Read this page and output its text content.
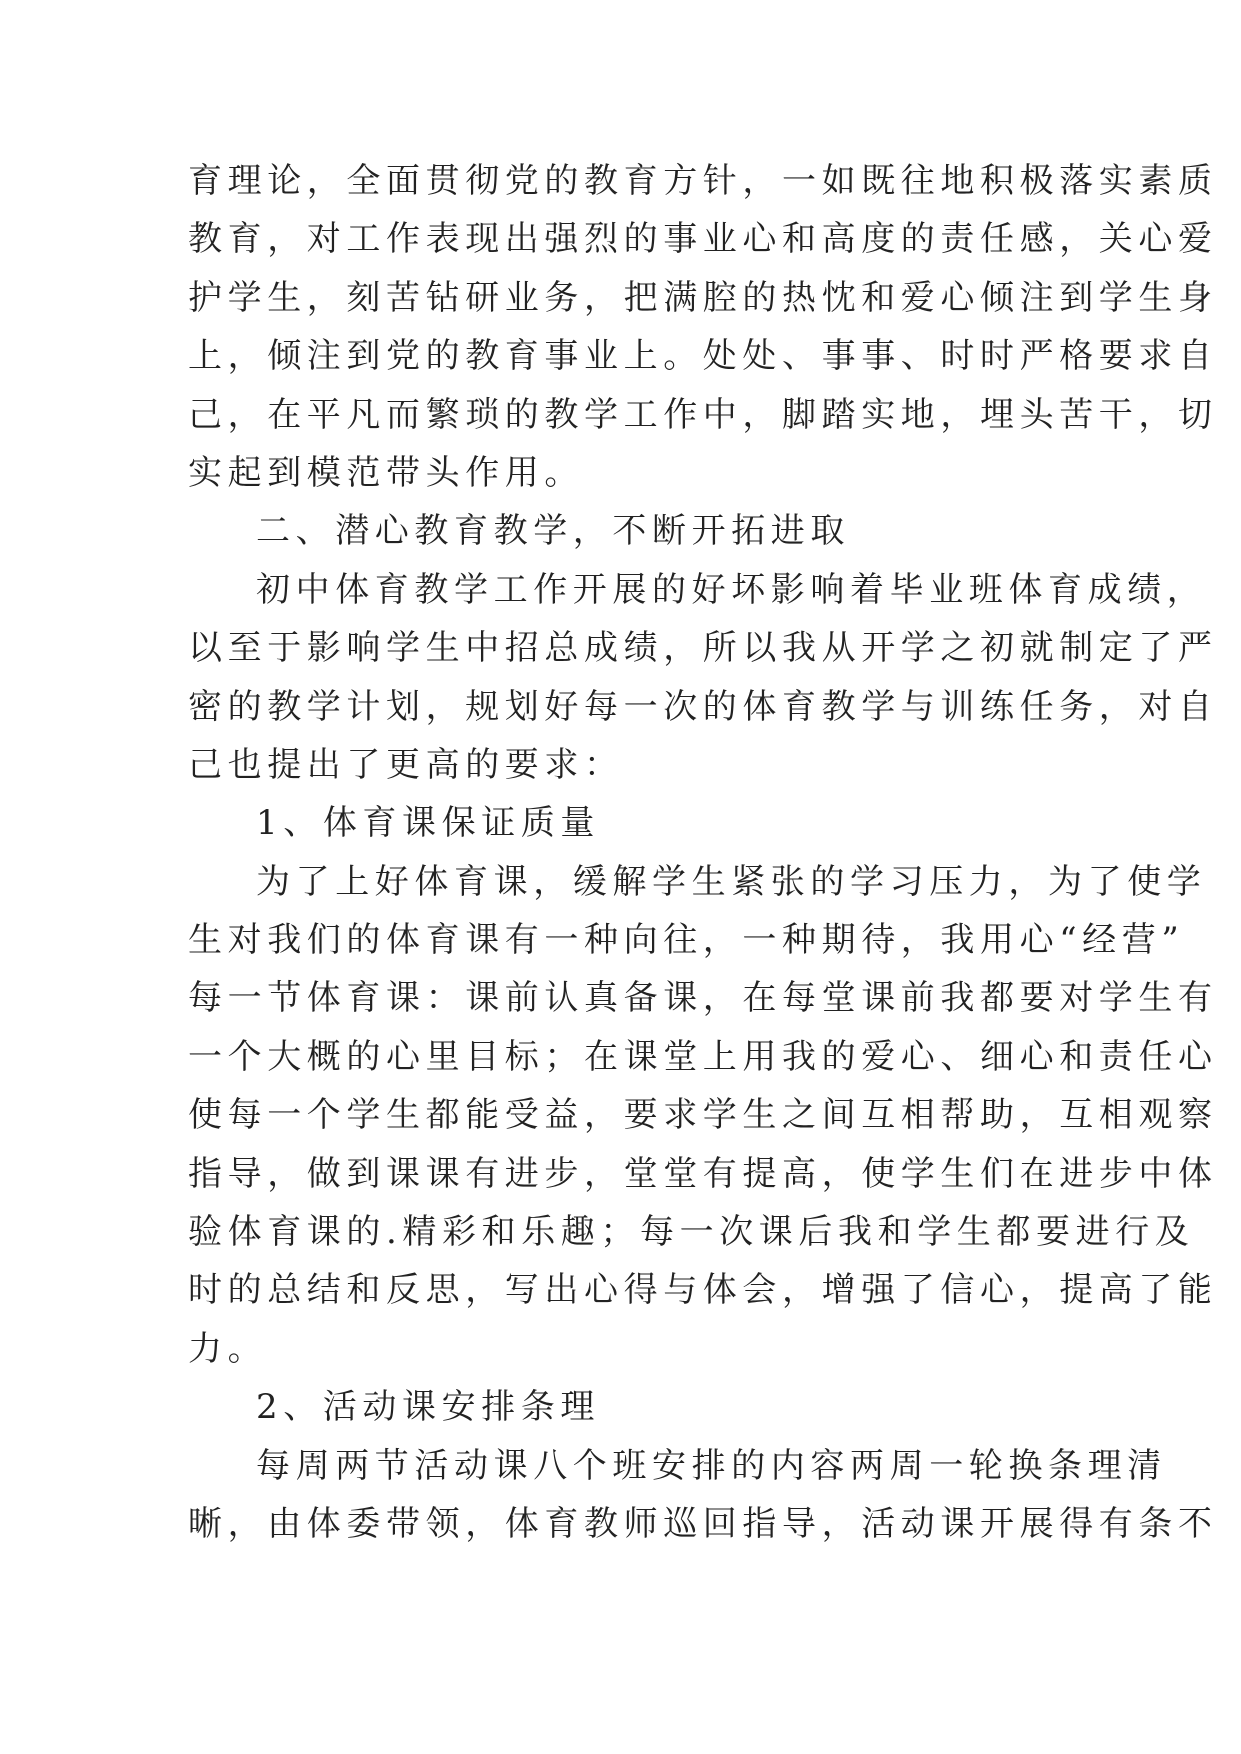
育理论，全面贯彻党的教育方针，一如既往地积极落实素质
教育，对工作表现出强烈的事业心和高度的责任感，关心爱
护学生，刻苦钻研业务，把满腔的热忱和爱心倾注到学生身
上，倾注到党的教育事业上。处处、事事、时时严格要求自
己，在平凡而繁琐的教学工作中，脚踏实地，埋头苦干，切
实起到模范带头作用。
二、潜心教育教学，不断开拓进取
初中体育教学工作开展的好坏影响着毕业班体育成绩，
以至于影响学生中招总成绩，所以我从开学之初就制定了严
密的教学计划，规划好每一次的体育教学与训练任务，对自
己也提出了更高的要求：
1、体育课保证质量
为了上好体育课，缓解学生紧张的学习压力，为了使学
生对我们的体育课有一种向往，一种期待，我用心“经营”
每一节体育课：课前认真备课，在每堂课前我都要对学生有
一个大概的心里目标；在课堂上用我的爱心、细心和责任心
使每一个学生都能受益，要求学生之间互相帮助，互相观察
指导，做到课课有进步，堂堂有提高，使学生们在进步中体
验体育课的.精彩和乐趣；每一次课后我和学生都要进行及
时的总结和反思，写出心得与体会，增强了信心，提高了能
力。
2、活动课安排条理
每周两节活动课八个班安排的内容两周一轮换条理清
晰，由体委带领，体育教师巡回指导，活动课开展得有条不
